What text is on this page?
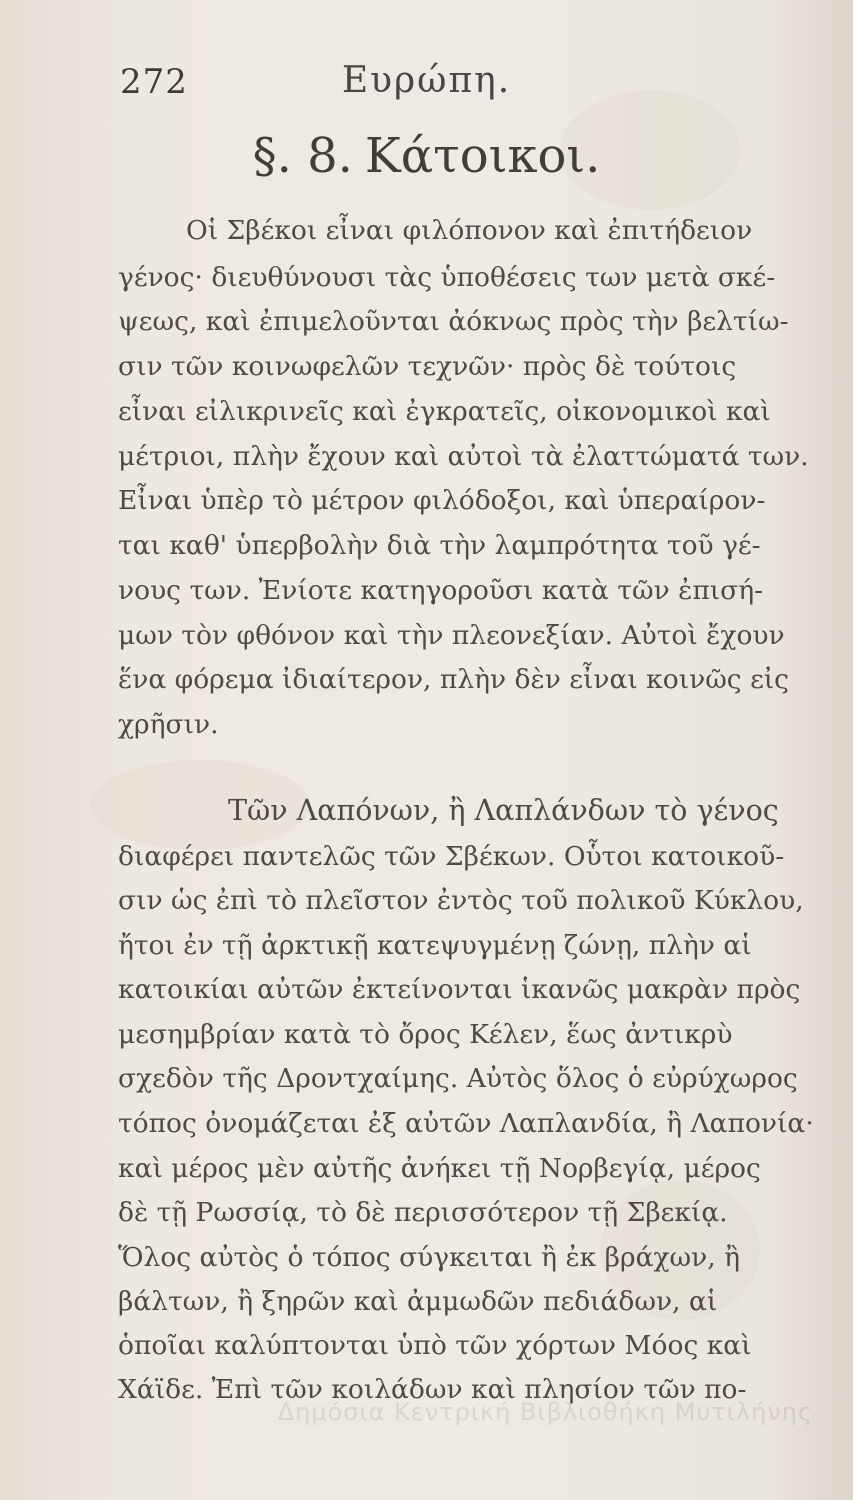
272	Ευρώπη.
§. 8. Κάτοικοι.
Οἱ Σβέκοι εἶναι φιλόπονον καὶ ἐπιτήδειον
γένος· διευθύνουσι τὰς ὑποθέσεις των μετὰ σκέ-
ψεως, καὶ ἐπιμελοῦνται ἀόκνως πρὸς τὴν βελτίω-
σιν τῶν κοινωφελῶν τεχνῶν· πρὸς δὲ τούτοις
εἶναι εἰλικρινεῖς καὶ ἐγκρατεῖς, οἰκονομικοὶ καὶ
μέτριοι, πλὴν ἔχουν καὶ αὐτοὶ τὰ ἐλαττώματά των.
Εἶναι ὑπὲρ τὸ μέτρον φιλόδοξοι, καὶ ὑπεραίρον-
ται καθ' ὑπερβολὴν διὰ τὴν λαμπρότητα τοῦ γέ-
νους των. Ἐνίοτε κατηγοροῦσι κατὰ τῶν ἐπισή-
μων τὸν φθόνον καὶ τὴν πλεονεξίαν. Αὐτοὶ ἔχουν
ἕνα φόρεμα ἰδιαίτερον, πλὴν δὲν εἶναι κοινῶς εἰς
χρῆσιν.
Τῶν Λαπόνων, ἢ Λαπλάνδων τὸ γένος
διαφέρει παντελῶς τῶν Σβέκων. Οὗτοι κατοικοῦ-
σιν ὡς ἐπὶ τὸ πλεῖστον ἐντὸς τοῦ πολικοῦ Κύκλου,
ἤτοι ἐν τῇ ἀρκτικῇ κατεψυγμένῃ ζώνῃ, πλὴν αἱ
κατοικίαι αὐτῶν ἐκτείνονται ἱκανῶς μακρὰν πρὸς
μεσημβρίαν κατὰ τὸ ὄρος Κέλεν, ἕως ἀντικρὺ
σχεδὸν τῆς Δροντχαίμης. Αὐτὸς ὅλος ὁ εὐρύχωρος
τόπος ὀνομάζεται ἐξ αὐτῶν Λαπλανδία, ἢ Λαπονία·
καὶ μέρος μὲν αὐτῆς ἀνήκει τῇ Νορβεγίᾳ, μέρος
δὲ τῇ Ρωσσίᾳ, τὸ δὲ περισσότερον τῇ Σβεκίᾳ.
Ὅλος αὐτὸς ὁ τόπος σύγκειται ἢ ἐκ βράχων, ἢ
βάλτων, ἢ ξηρῶν καὶ ἀμμωδῶν πεδιάδων, αἱ
ὁποῖαι καλύπτονται ὑπὸ τῶν χόρτων Μόος καὶ
Χάϊδε. Ἐπὶ τῶν κοιλάδων καὶ πλησίον τῶν πο-
Δημόσια Κεντρική Βιβλιοθήκη Μυτιλήνης
